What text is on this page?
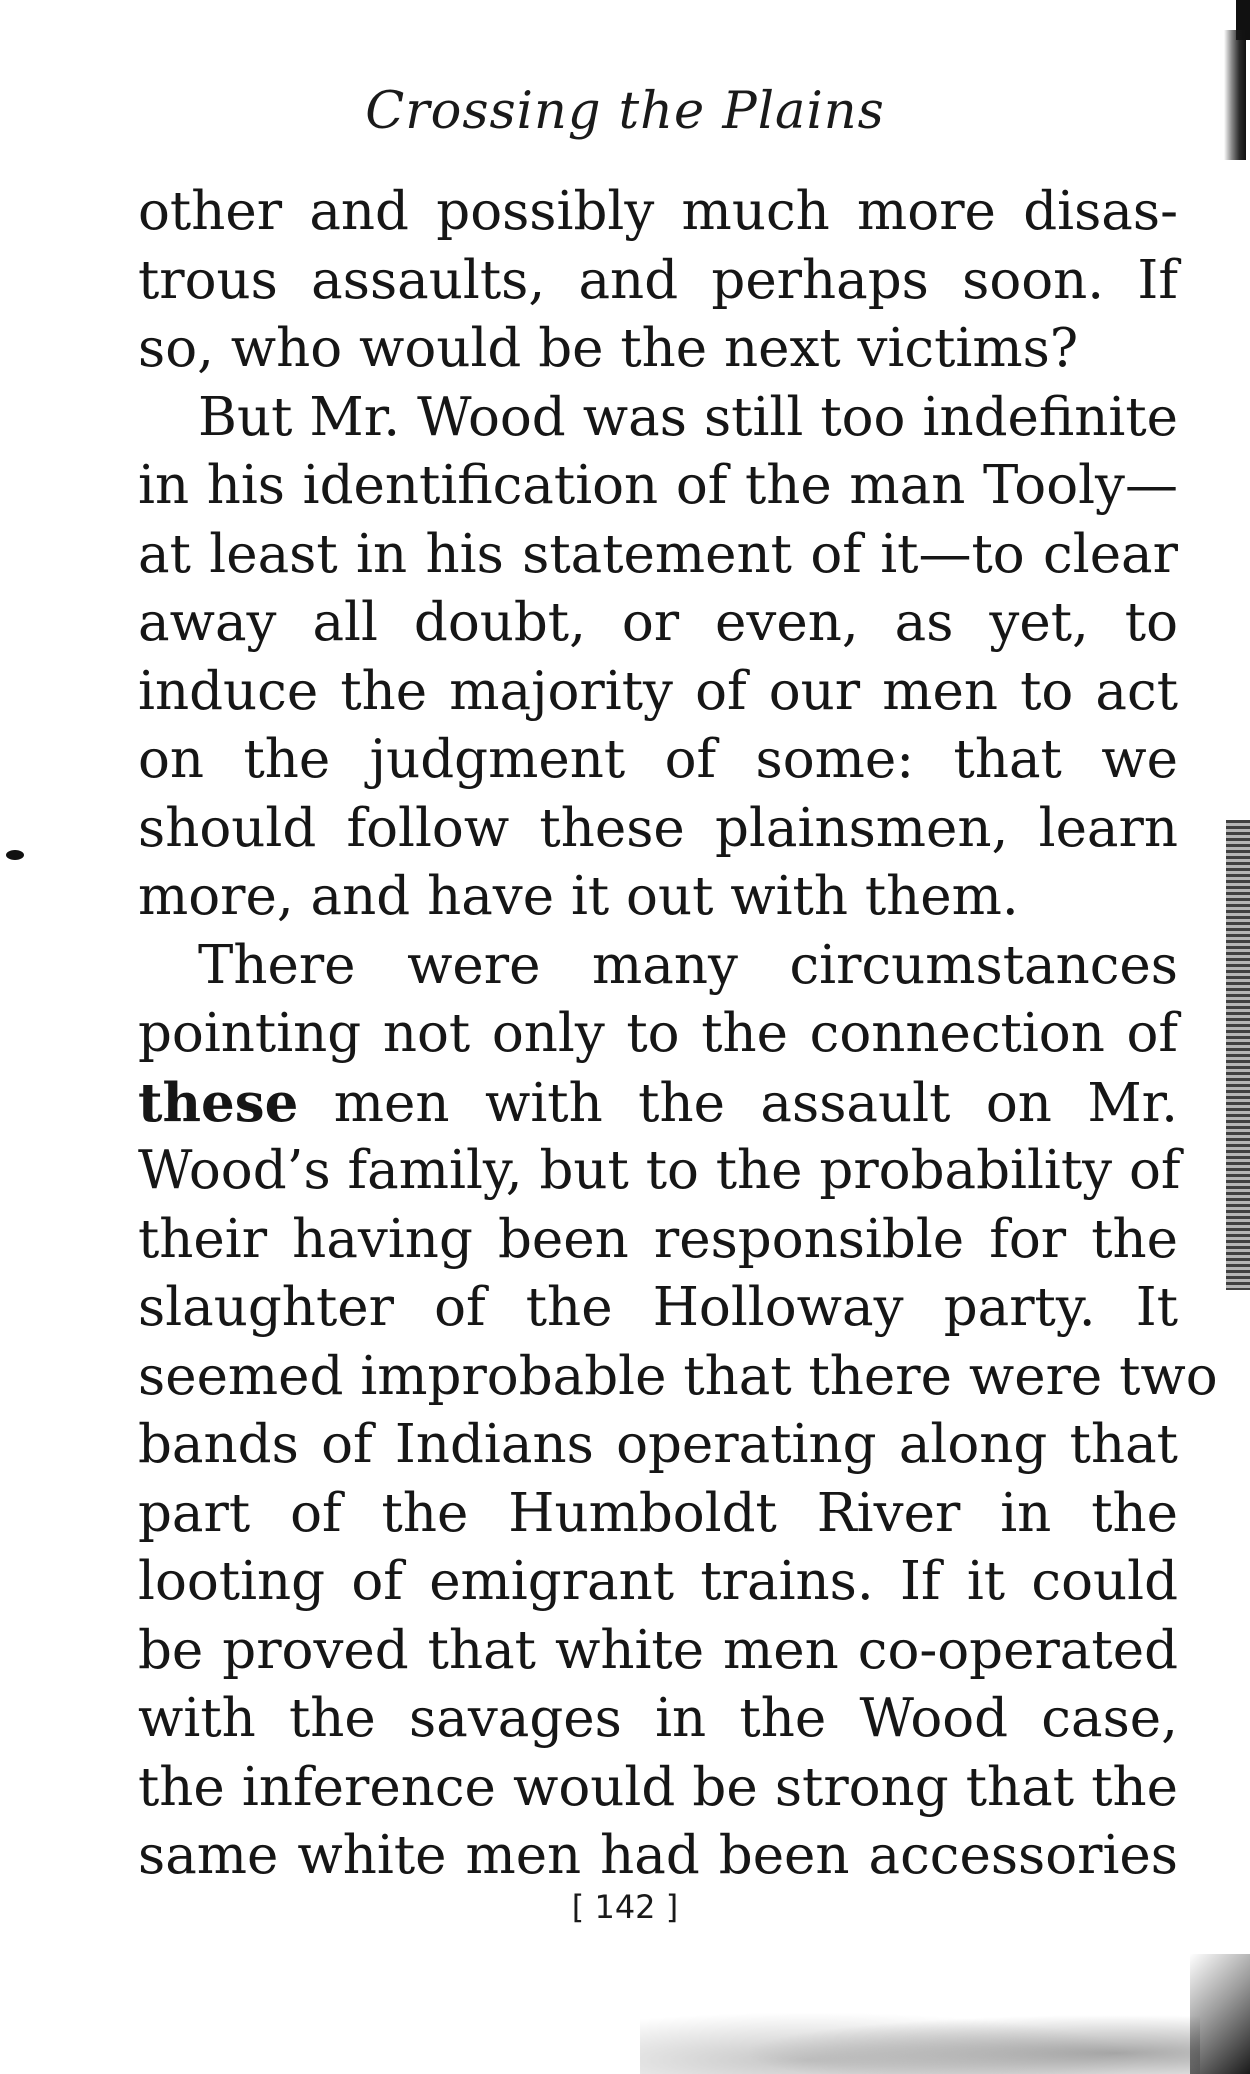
Crossing the Plains
other and possibly much more disas-
trous assaults, and perhaps soon. If
so, who would be the next victims?
But Mr. Wood was still too indefinite
in his identification of the man Tooly—
at least in his statement of it—to clear
away all doubt, or even, as yet, to
induce the majority of our men to act
on the judgment of some: that we
should follow these plainsmen, learn
more, and have it out with them.
There were many circumstances
pointing not only to the connection of
these men with the assault on Mr.
Wood’s family, but to the probability of
their having been responsible for the
slaughter of the Holloway party. It
seemed improbable that there were two
bands of Indians operating along that
part of the Humboldt River in the
looting of emigrant trains. If it could
be proved that white men co-operated
with the savages in the Wood case,
the inference would be strong that the
same white men had been accessories
[ 142 ]
